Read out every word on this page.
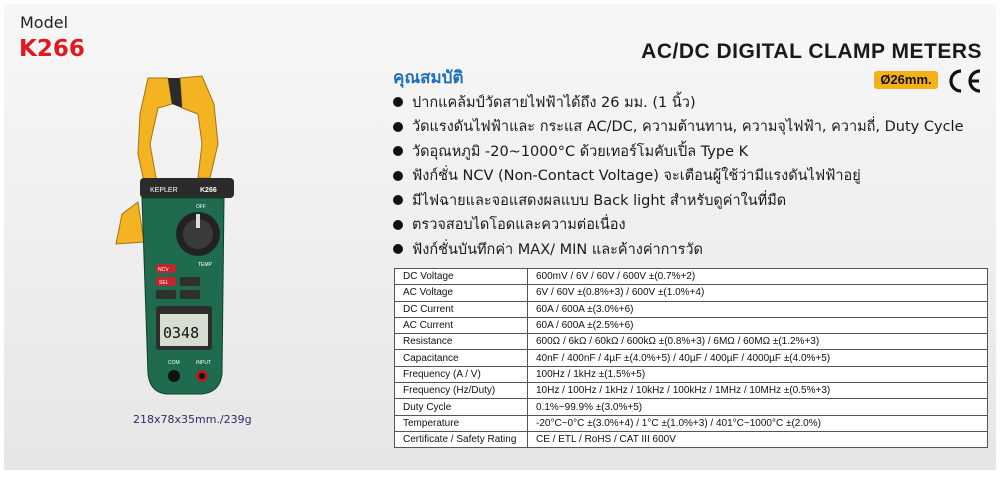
Model
K266	AC/DC DIGITAL CLAMP METERS
Ø26mm.
KEPLER	K266
OFF
TEMP
NCV
SEL
0348
COM	INPUT
218x78x35mm./239g
คุณสมบัติ
ปากแคล้มป์วัดสายไฟฟ้าได้ถึง 26 มม. (1 นิ้ว)
วัดแรงดันไฟฟ้าและ กระแส AC/DC, ความต้านทาน, ความจุไฟฟ้า, ความถี่, Duty Cycle
วัดอุณหภูมิ -20~1000°C ด้วยเทอร์โมคับเปิ้ล Type K
ฟังก์ชั่น NCV (Non-Contact Voltage) จะเตือนผู้ใช้ว่ามีแรงดันไฟฟ้าอยู่
มีไฟฉายและจอแสดงผลแบบ Back light สำหรับดูค่าในที่มืด
ตรวจสอบไดโอดและความต่อเนื่อง
ฟังก์ชั่นบันทึกค่า MAX/ MIN และค้างค่าการวัด
DC Voltage	600mV / 6V / 60V / 600V ±(0.7%+2)
AC Voltage	6V / 60V ±(0.8%+3) / 600V ±(1.0%+4)
DC Current	60A / 600A ±(3.0%+6)
AC Current	60A / 600A ±(2.5%+6)
Resistance	600Ω / 6kΩ / 60kΩ / 600kΩ ±(0.8%+3) / 6MΩ / 60MΩ ±(1.2%+3)
Capacitance	40nF / 400nF / 4µF ±(4.0%+5) / 40µF / 400µF / 4000µF ±(4.0%+5)
Frequency (A / V)	100Hz / 1kHz ±(1.5%+5)
Frequency (Hz/Duty)	10Hz / 100Hz / 1kHz / 10kHz / 100kHz / 1MHz / 10MHz ±(0.5%+3)
Duty Cycle	0.1%~99.9% ±(3.0%+5)
Temperature	-20°C~0°C ±(3.0%+4) / 1°C ±(1.0%+3) / 401°C~1000°C ±(2.0%)
Certificate / Safety Rating	CE / ETL / RoHS / CAT III 600V
